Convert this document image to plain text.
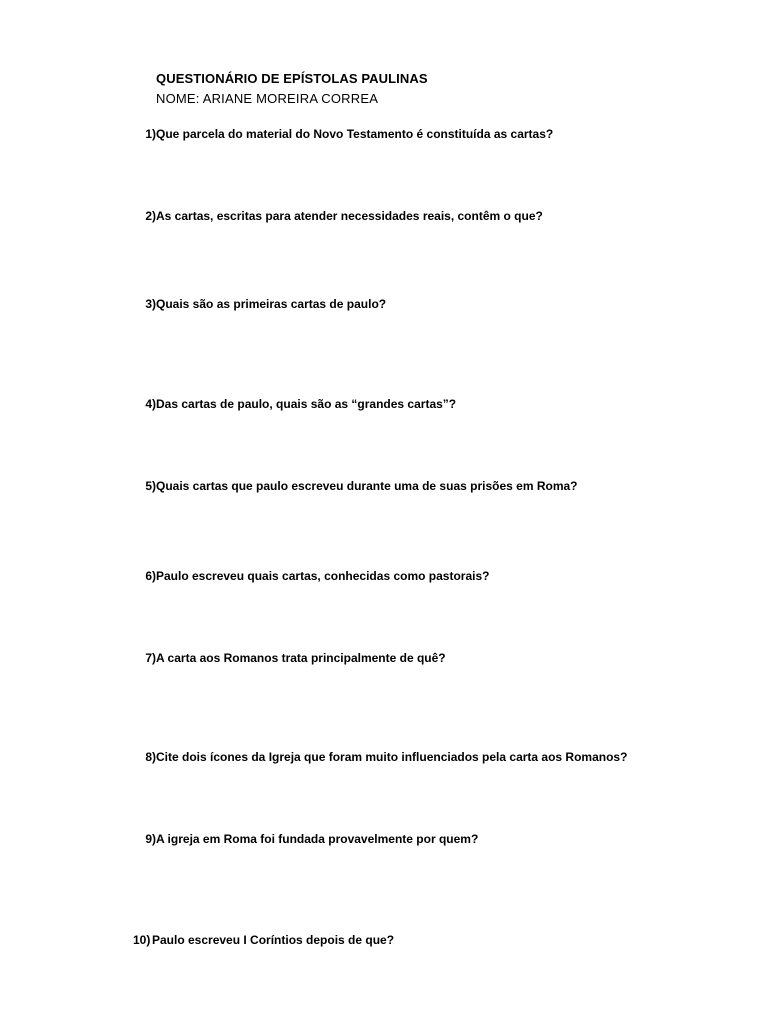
QUESTIONÁRIO DE EPÍSTOLAS PAULINAS
NOME: ARIANE MOREIRA CORREA
1) Que parcela do material do Novo Testamento é constituída as cartas?
2) As cartas, escritas para atender necessidades reais, contêm o que?
3) Quais são as primeiras cartas de paulo?
4) Das cartas de paulo, quais são as “grandes cartas”?
5) Quais cartas que paulo escreveu durante uma de suas prisões em Roma?
6) Paulo escreveu quais cartas, conhecidas como pastorais?
7) A carta aos Romanos trata principalmente de quê?
8) Cite dois ícones da Igreja que foram muito influenciados pela carta aos Romanos?
9) A igreja em Roma foi fundada provavelmente por quem?
10) Paulo escreveu I Coríntios depois de que?
